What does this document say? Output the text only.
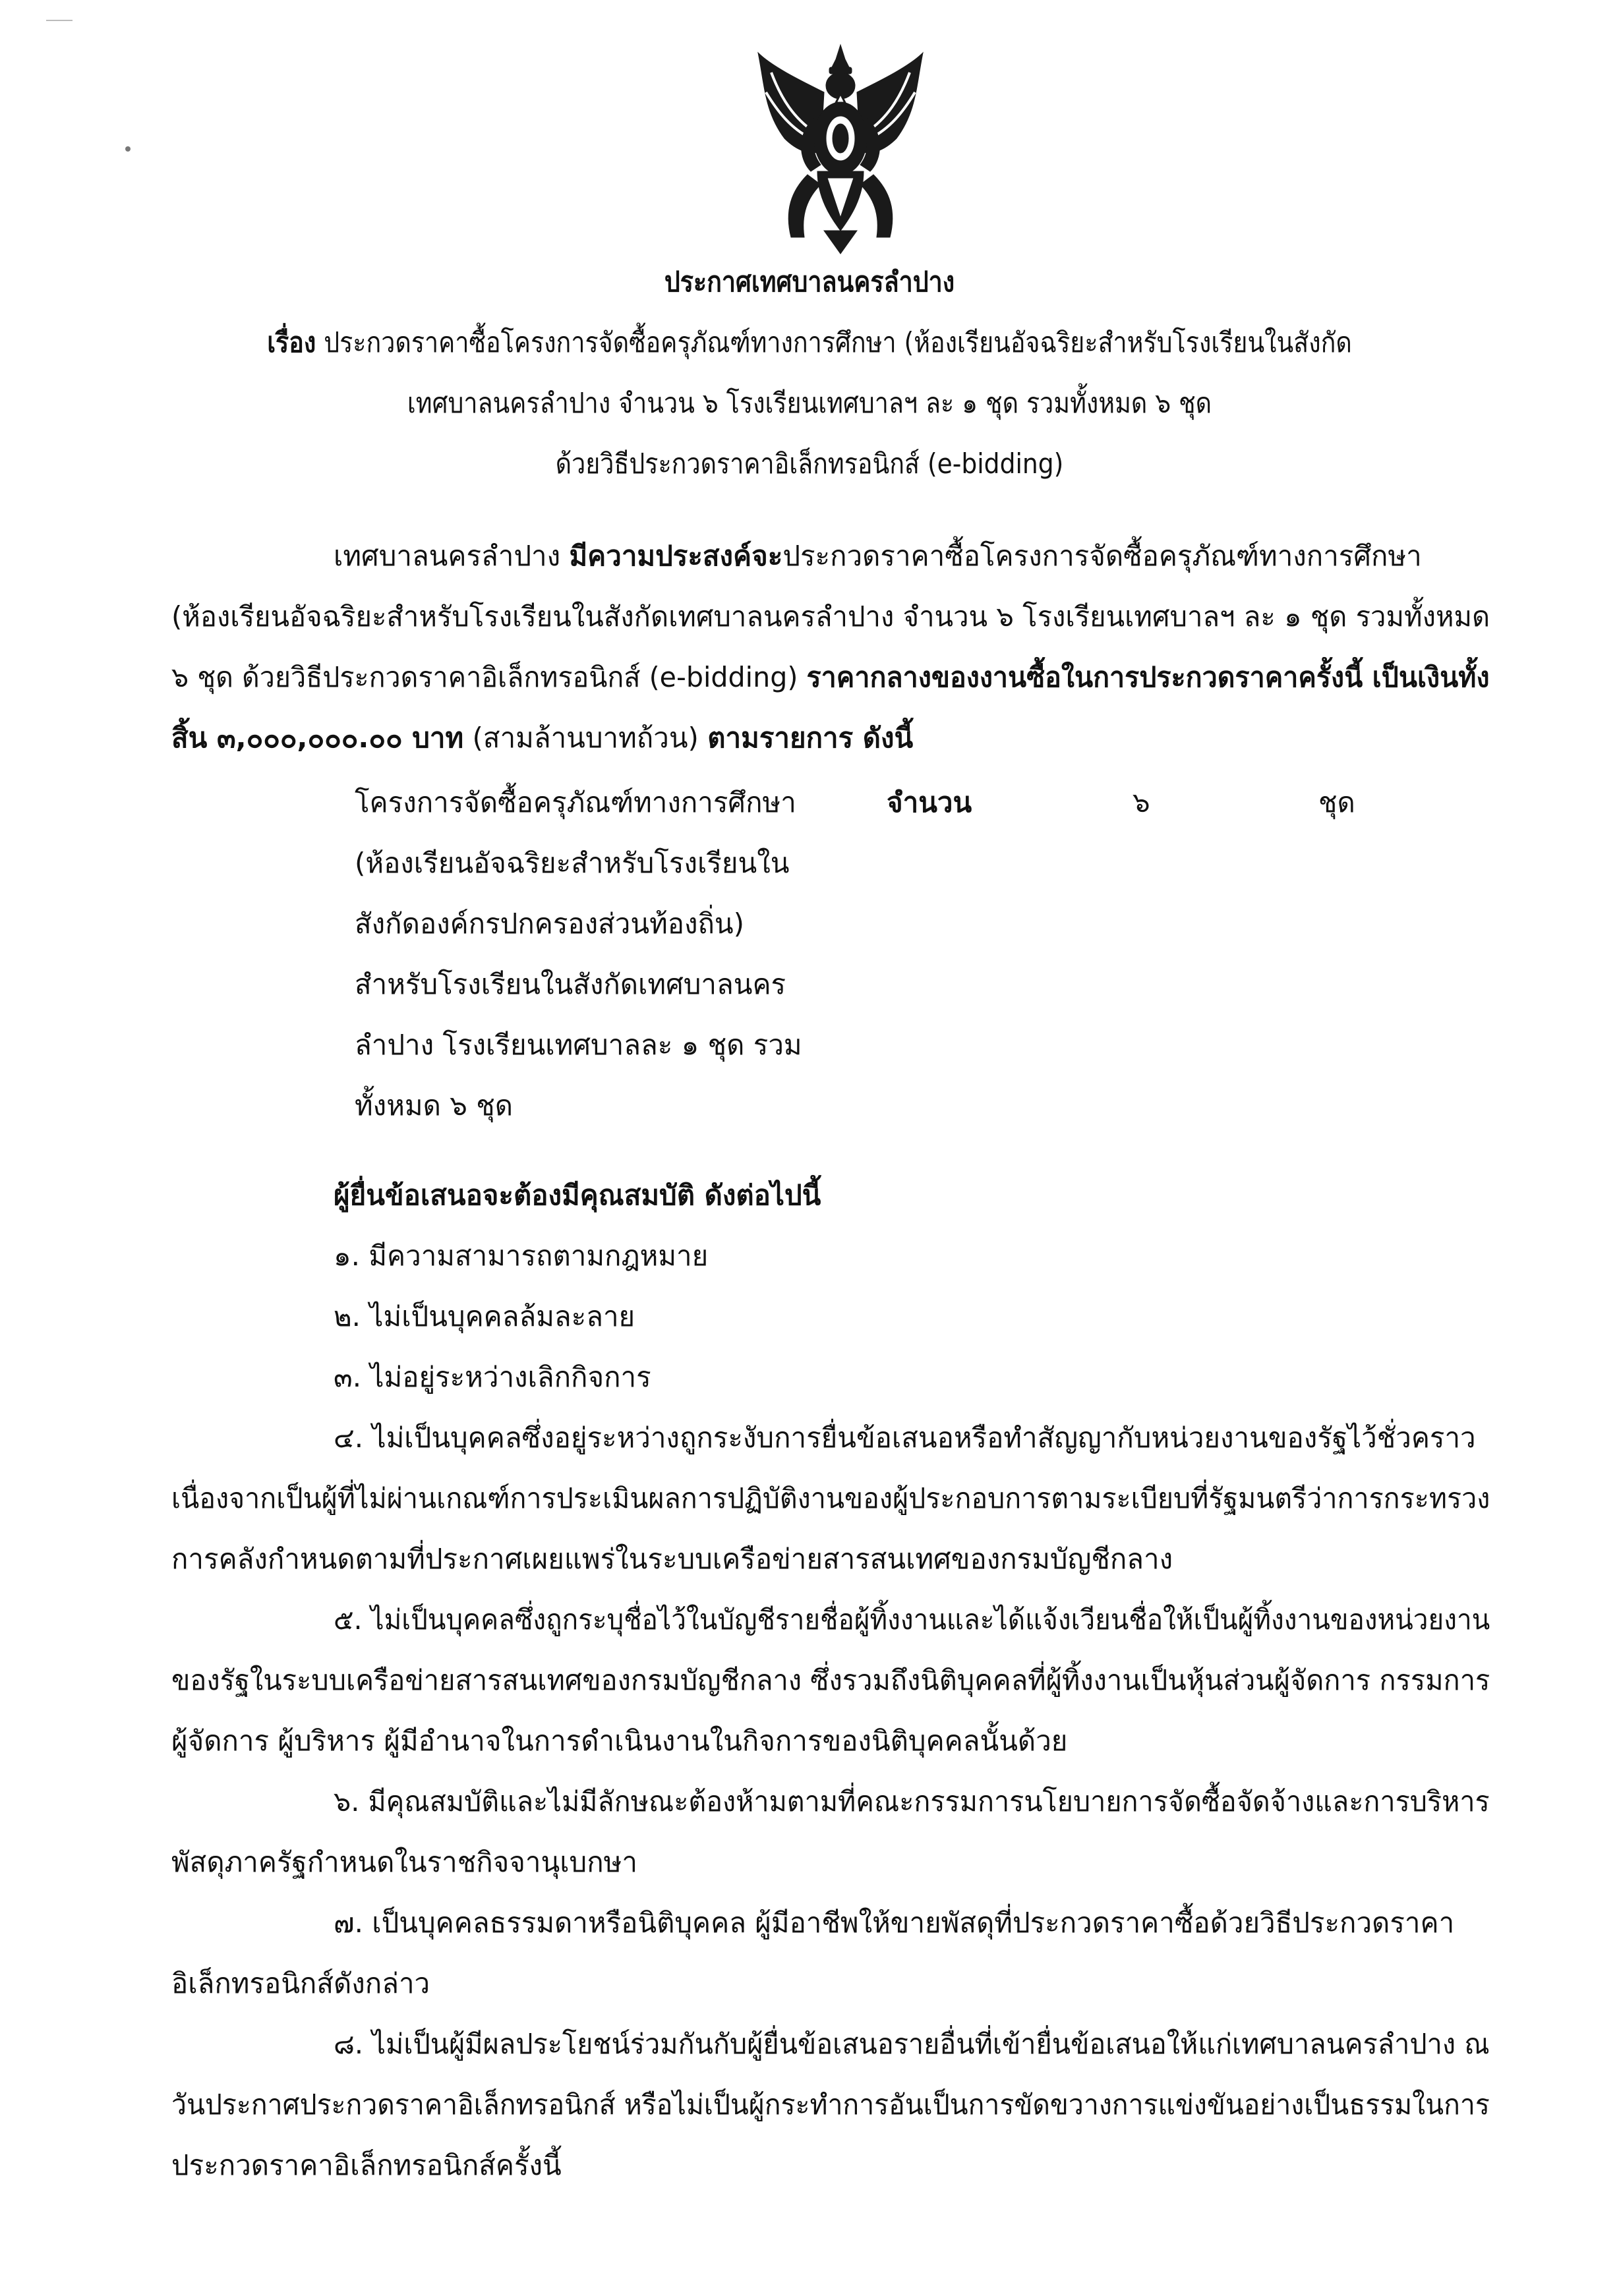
ประกาศเทศบาลนครลำปาง
เรื่อง ประกวดราคาซื้อโครงการจัดซื้อครุภัณฑ์ทางการศึกษา (ห้องเรียนอัจฉริยะสำหรับโรงเรียนในสังกัด
เทศบาลนครลำปาง จำนวน ๖ โรงเรียนเทศบาลฯ ละ ๑ ชุด รวมทั้งหมด ๖ ชุด
ด้วยวิธีประกวดราคาอิเล็กทรอนิกส์ (e-bidding)
เทศบาลนครลำปาง มีความประสงค์จะประกวดราคาซื้อโครงการจัดซื้อครุภัณฑ์ทางการศึกษา
(ห้องเรียนอัจฉริยะสำหรับโรงเรียนในสังกัดเทศบาลนครลำปาง จำนวน ๖ โรงเรียนเทศบาลฯ ละ ๑ ชุด รวมทั้งหมด
๖ ชุด ด้วยวิธีประกวดราคาอิเล็กทรอนิกส์ (e-bidding) ราคากลางของงานซื้อในการประกวดราคาครั้งนี้ เป็นเงินทั้ง
สิ้น ๓,๐๐๐,๐๐๐.๐๐ บาท (สามล้านบาทถ้วน) ตามรายการ ดังนี้
โครงการจัดซื้อครุภัณฑ์ทางการศึกษา
(ห้องเรียนอัจฉริยะสำหรับโรงเรียนใน
สังกัดองค์กรปกครองส่วนท้องถิ่น)
สำหรับโรงเรียนในสังกัดเทศบาลนคร
ลำปาง โรงเรียนเทศบาลละ ๑ ชุด รวม
ทั้งหมด ๖ ชุด
จำนวน	๖	ชุด
ผู้ยื่นข้อเสนอจะต้องมีคุณสมบัติ ดังต่อไปนี้
๑. มีความสามารถตามกฎหมาย
๒. ไม่เป็นบุคคลล้มละลาย
๓. ไม่อยู่ระหว่างเลิกกิจการ
๔. ไม่เป็นบุคคลซึ่งอยู่ระหว่างถูกระงับการยื่นข้อเสนอหรือทำสัญญากับหน่วยงานของรัฐไว้ชั่วคราว
เนื่องจากเป็นผู้ที่ไม่ผ่านเกณฑ์การประเมินผลการปฏิบัติงานของผู้ประกอบการตามระเบียบที่รัฐมนตรีว่าการกระทรวง
การคลังกำหนดตามที่ประกาศเผยแพร่ในระบบเครือข่ายสารสนเทศของกรมบัญชีกลาง
๕. ไม่เป็นบุคคลซึ่งถูกระบุชื่อไว้ในบัญชีรายชื่อผู้ทิ้งงานและได้แจ้งเวียนชื่อให้เป็นผู้ทิ้งงานของหน่วยงาน
ของรัฐในระบบเครือข่ายสารสนเทศของกรมบัญชีกลาง ซึ่งรวมถึงนิติบุคคลที่ผู้ทิ้งงานเป็นหุ้นส่วนผู้จัดการ กรรมการ
ผู้จัดการ ผู้บริหาร ผู้มีอำนาจในการดำเนินงานในกิจการของนิติบุคคลนั้นด้วย
๖. มีคุณสมบัติและไม่มีลักษณะต้องห้ามตามที่คณะกรรมการนโยบายการจัดซื้อจัดจ้างและการบริหาร
พัสดุภาครัฐกำหนดในราชกิจจานุเบกษา
๗. เป็นบุคคลธรรมดาหรือนิติบุคคล ผู้มีอาชีพให้ขายพัสดุที่ประกวดราคาซื้อด้วยวิธีประกวดราคา
อิเล็กทรอนิกส์ดังกล่าว
๘. ไม่เป็นผู้มีผลประโยชน์ร่วมกันกับผู้ยื่นข้อเสนอรายอื่นที่เข้ายื่นข้อเสนอให้แก่เทศบาลนครลำปาง ณ
วันประกาศประกวดราคาอิเล็กทรอนิกส์ หรือไม่เป็นผู้กระทำการอันเป็นการขัดขวางการแข่งขันอย่างเป็นธรรมในการ
ประกวดราคาอิเล็กทรอนิกส์ครั้งนี้
